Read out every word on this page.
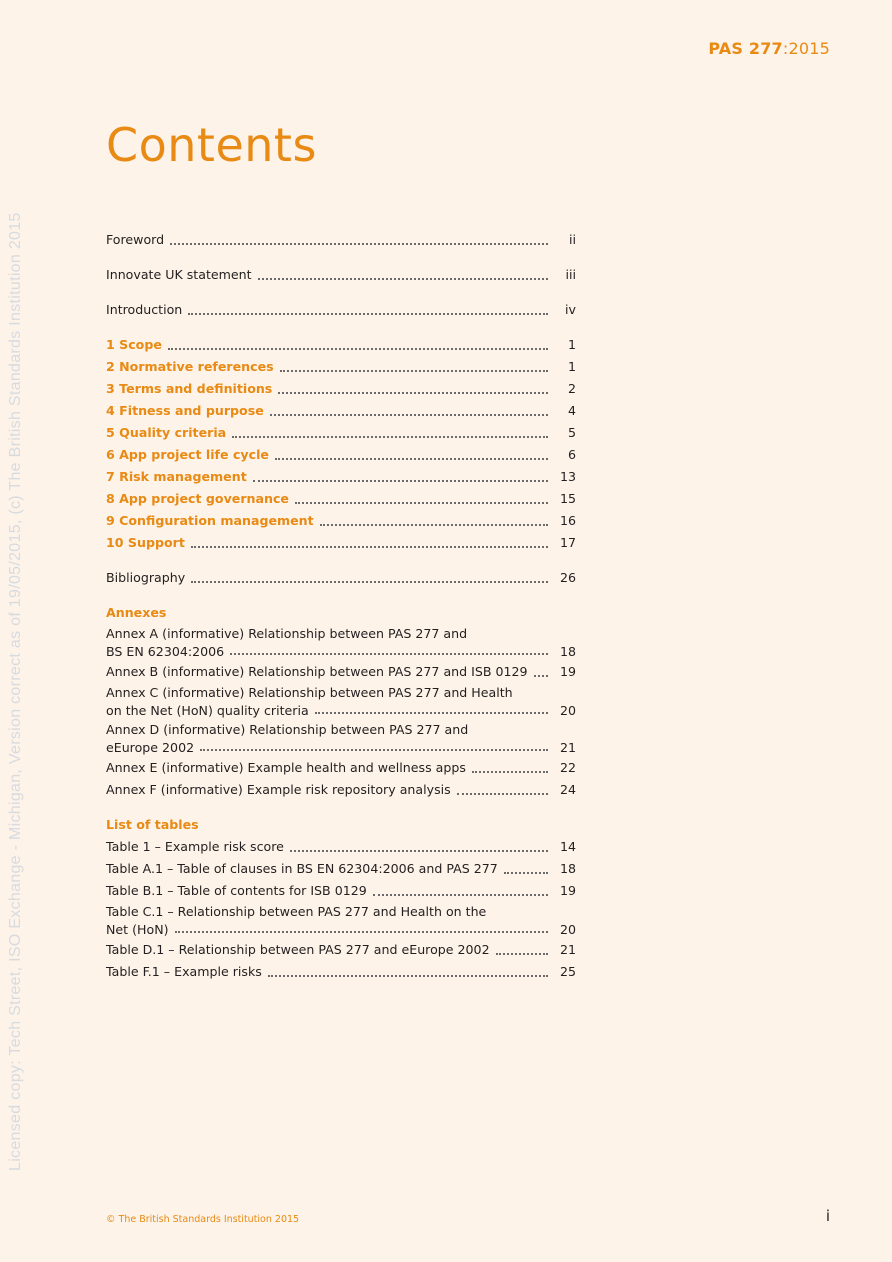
PAS 277:2015
Licensed copy: Tech Street, ISO Exchange - Michigan, Version correct as of 19/05/2015, (c) The British Standards Institution 2015
Contents
Foreword	ii
Innovate UK statement	iii
Introduction	iv
1 Scope	1
2 Normative references	1
3 Terms and definitions	2
4 Fitness and purpose	4
5 Quality criteria	5
6 App project life cycle	6
7 Risk management	13
8 App project governance	15
9 Configuration management	16
10 Support	17
Bibliography	26
Annexes
Annex A (informative) Relationship between PAS 277 and
BS EN 62304:2006	18
Annex B (informative) Relationship between PAS 277 and ISB 0129	19
Annex C (informative) Relationship between PAS 277 and Health
on the Net (HoN) quality criteria	20
Annex D (informative) Relationship between PAS 277 and
eEurope 2002	21
Annex E (informative) Example health and wellness apps	22
Annex F (informative) Example risk repository analysis	24
List of tables
Table 1 – Example risk score	14
Table A.1 – Table of clauses in BS EN 62304:2006 and PAS 277	18
Table B.1 – Table of contents for ISB 0129	19
Table C.1 – Relationship between PAS 277 and Health on the
Net (HoN)	20
Table D.1 – Relationship between PAS 277 and eEurope 2002	21
Table F.1 – Example risks	25
© The British Standards Institution 2015	i
